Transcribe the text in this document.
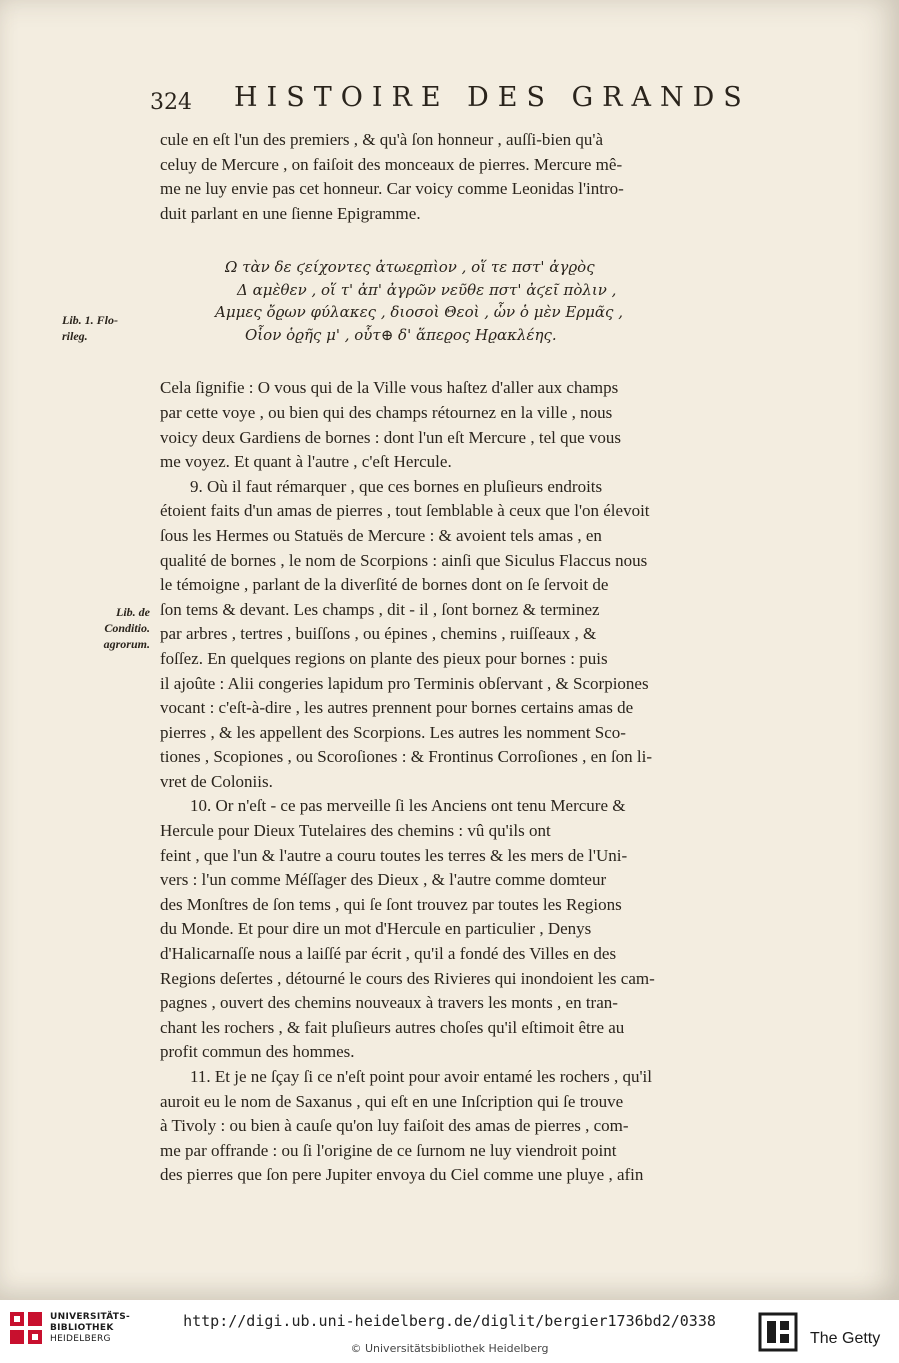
324 HISTOIRE DES GRANDS
Lib. 1. Flo-
rileg.
Lib. de
Conditio.
agrorum.
Ω τὰν δε ϛείχοντες ἀτωεϱπὶον , οἵ τε πστ' ἀγϱὸς
Δ αμὲθεν , οἵ τ' ἀπ' ἀγρῶν νεῦθε πστ' ἀϛεῖ πὸλιν ,
Αμμες ὄϱων φύλακες , διοσοὶ Θεοὶ , ὧν ὁ μὲν Ερμᾶς ,
Οἷον ὁϱῆς μ' , οὗτ⊕ δ' ἅπεϱος Ηϱακλέης.
cule en eſt l'un des premiers , & qu'à ſon honneur , auſſi-bien qu'à
celuy de Mercure , on faiſoit des monceaux de pierres. Mercure mê-
me ne luy envie pas cet honneur. Car voicy comme Leonidas l'intro-
duit parlant en une ſienne Epigramme.
Cela ſignifie : O vous qui de la Ville vous haſtez d'aller aux champs
par cette voye , ou bien qui des champs rétournez en la ville , nous
voicy deux Gardiens de bornes : dont l'un eſt Mercure , tel que vous
me voyez. Et quant à l'autre , c'eſt Hercule.
9. Où il faut rémarquer , que ces bornes en pluſieurs endroits
étoient faits d'un amas de pierres , tout ſemblable à ceux que l'on élevoit
ſous les Hermes ou Statuës de Mercure : & avoient tels amas , en
qualité de bornes , le nom de Scorpions : ainſi que Siculus Flaccus nous
le témoigne , parlant de la diverſité de bornes dont on ſe ſervoit de
ſon tems & devant. Les champs , dit - il , ſont bornez & terminez
par arbres , tertres , buiſſons , ou épines , chemins , ruiſſeaux , &
foſſez. En quelques regions on plante des pieux pour bornes : puis
il ajoûte : Alii congeries lapidum pro Terminis obſervant , & Scorpiones
vocant : c'eſt-à-dire , les autres prennent pour bornes certains amas de
pierres , & les appellent des Scorpions. Les autres les nomment Sco-
tiones , Scopiones , ou Scoroſiones : & Frontinus Corroſiones , en ſon li-
vret de Coloniis.
10. Or n'eſt - ce pas merveille ſi les Anciens ont tenu Mercure &
Hercule pour Dieux Tutelaires des chemins : vû qu'ils ont
feint , que l'un & l'autre a couru toutes les terres & les mers de l'Uni-
vers : l'un comme Méſſager des Dieux , & l'autre comme domteur
des Monſtres de ſon tems , qui ſe ſont trouvez par toutes les Regions
du Monde. Et pour dire un mot d'Hercule en particulier , Denys
d'Halicarnaſſe nous a laiſſé par écrit , qu'il a fondé des Villes en des
Regions deſertes , détourné le cours des Rivieres qui inondoient les cam-
pagnes , ouvert des chemins nouveaux à travers les monts , en tran-
chant les rochers , & fait pluſieurs autres choſes qu'il eſtimoit être au
profit commun des hommes.
11. Et je ne ſçay ſi ce n'eſt point pour avoir entamé les rochers , qu'il
auroit eu le nom de Saxanus , qui eſt en une Inſcription qui ſe trouve
à Tivoly : ou bien à cauſe qu'on luy faiſoit des amas de pierres , com-
me par offrande : ou ſi l'origine de ce ſurnom ne luy viendroit point
des pierres que ſon pere Jupiter envoya du Ciel comme une pluye , afin
UNIVERSITÄTS-
BIBLIOTHEK
HEIDELBERG
http://digi.ub.uni-heidelberg.de/diglit/bergier1736bd2/0338
© Universitätsbibliothek Heidelberg
The Getty
